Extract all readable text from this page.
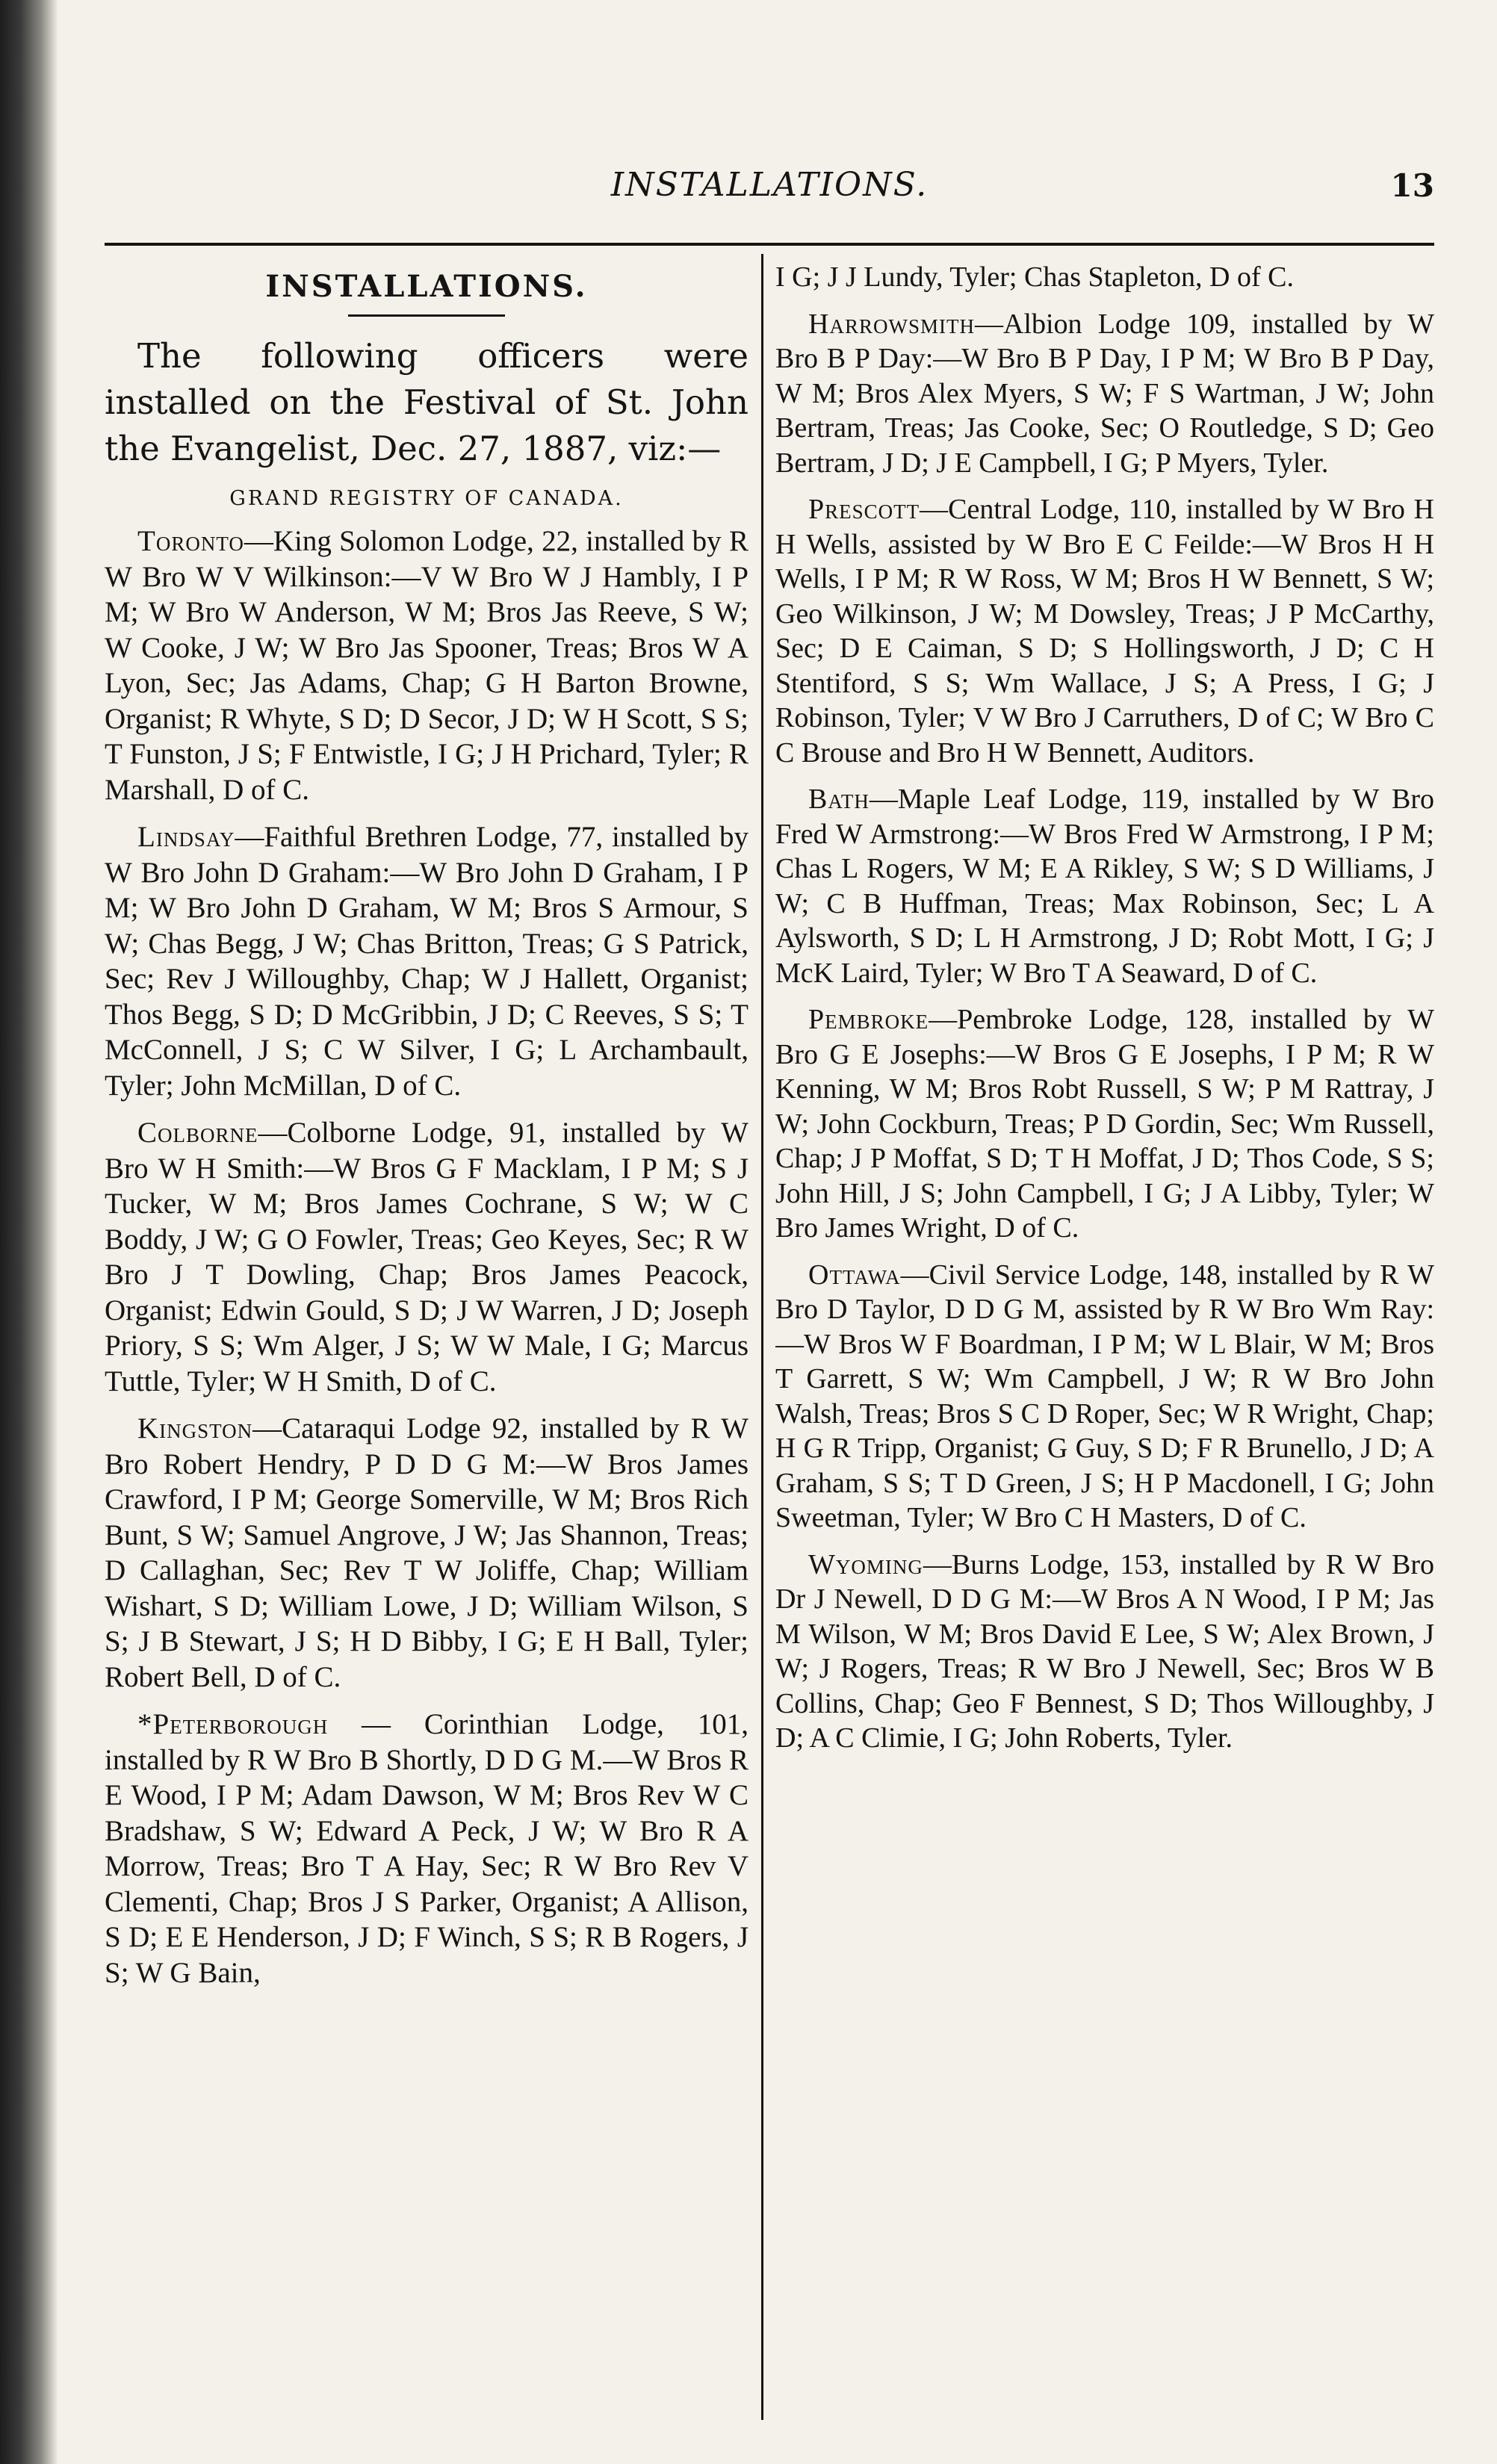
INSTALLATIONS.	13
INSTALLATIONS.

The following officers were installed on the Festival of St. John the Evangelist, Dec. 27, 1887, viz:—

GRAND REGISTRY OF CANADA.

Toronto—King Solomon Lodge, 22, installed by R W Bro W V Wilkinson:—V W Bro W J Hambly, I P M; W Bro W Anderson, W M; Bros Jas Reeve, S W; W Cooke, J W; W Bro Jas Spooner, Treas; Bros W A Lyon, Sec; Jas Adams, Chap; G H Barton Browne, Organist; R Whyte, S D; D Secor, J D; W H Scott, S S; T Funston, J S; F Entwistle, I G; J H Prichard, Tyler; R Marshall, D of C.

Lindsay—Faithful Brethren Lodge, 77, installed by W Bro John D Graham:—W Bro John D Graham, I P M; W Bro John D Graham, W M; Bros S Armour, S W; Chas Begg, J W; Chas Britton, Treas; G S Patrick, Sec; Rev J Willoughby, Chap; W J Hallett, Organist; Thos Begg, S D; D McGribbin, J D; C Reeves, S S; T McConnell, J S; C W Silver, I G; L Archambault, Tyler; John McMillan, D of C.

Colborne—Colborne Lodge, 91, installed by W Bro W H Smith:—W Bros G F Macklam, I P M; S J Tucker, W M; Bros James Cochrane, S W; W C Boddy, J W; G O Fowler, Treas; Geo Keyes, Sec; R W Bro J T Dowling, Chap; Bros James Peacock, Organist; Edwin Gould, S D; J W Warren, J D; Joseph Priory, S S; Wm Alger, J S; W W Male, I G; Marcus Tuttle, Tyler; W H Smith, D of C.

Kingston—Cataraqui Lodge 92, installed by R W Bro Robert Hendry, P D D G M:—W Bros James Crawford, I P M; George Somerville, W M; Bros Rich Bunt, S W; Samuel Angrove, J W; Jas Shannon, Treas; D Callaghan, Sec; Rev T W Joliffe, Chap; William Wishart, S D; William Lowe, J D; William Wilson, S S; J B Stewart, J S; H D Bibby, I G; E H Ball, Tyler; Robert Bell, D of C.

*Peterborough — Corinthian Lodge, 101, installed by R W Bro B Shortly, D D G M.—W Bros R E Wood, I P M; Adam Dawson, W M; Bros Rev W C Bradshaw, S W; Edward A Peck, J W; W Bro R A Morrow, Treas; Bro T A Hay, Sec; R W Bro Rev V Clementi, Chap; Bros J S Parker, Organist; A Allison, S D; E E Henderson, J D; F Winch, S S; R B Rogers, J S; W G Bain,

I G; J J Lundy, Tyler; Chas Stapleton, D of C.

Harrowsmith—Albion Lodge 109, installed by W Bro B P Day:—W Bro B P Day, I P M; W Bro B P Day, W M; Bros Alex Myers, S W; F S Wartman, J W; John Bertram, Treas; Jas Cooke, Sec; O Routledge, S D; Geo Bertram, J D; J E Campbell, I G; P Myers, Tyler.

Prescott—Central Lodge, 110, installed by W Bro H H Wells, assisted by W Bro E C Feilde:—W Bros H H Wells, I P M; R W Ross, W M; Bros H W Bennett, S W; Geo Wilkinson, J W; M Dowsley, Treas; J P McCarthy, Sec; D E Caiman, S D; S Hollingsworth, J D; C H Stentiford, S S; Wm Wallace, J S; A Press, I G; J Robinson, Tyler; V W Bro J Carruthers, D of C; W Bro C C Brouse and Bro H W Bennett, Auditors.

Bath—Maple Leaf Lodge, 119, installed by W Bro Fred W Armstrong:—W Bros Fred W Armstrong, I P M; Chas L Rogers, W M; E A Rikley, S W; S D Williams, J W; C B Huffman, Treas; Max Robinson, Sec; L A Aylsworth, S D; L H Armstrong, J D; Robt Mott, I G; J McK Laird, Tyler; W Bro T A Seaward, D of C.

Pembroke—Pembroke Lodge, 128, installed by W Bro G E Josephs:—W Bros G E Josephs, I P M; R W Kenning, W M; Bros Robt Russell, S W; P M Rattray, J W; John Cockburn, Treas; P D Gordin, Sec; Wm Russell, Chap; J P Moffat, S D; T H Moffat, J D; Thos Code, S S; John Hill, J S; John Campbell, I G; J A Libby, Tyler; W Bro James Wright, D of C.

Ottawa—Civil Service Lodge, 148, installed by R W Bro D Taylor, D D G M, assisted by R W Bro Wm Ray:—W Bros W F Boardman, I P M; W L Blair, W M; Bros T Garrett, S W; Wm Campbell, J W; R W Bro John Walsh, Treas; Bros S C D Roper, Sec; W R Wright, Chap; H G R Tripp, Organist; G Guy, S D; F R Brunello, J D; A Graham, S S; T D Green, J S; H P Macdonell, I G; John Sweetman, Tyler; W Bro C H Masters, D of C.

Wyoming—Burns Lodge, 153, installed by R W Bro Dr J Newell, D D G M:—W Bros A N Wood, I P M; Jas M Wilson, W M; Bros David E Lee, S W; Alex Brown, J W; J Rogers, Treas; R W Bro J Newell, Sec; Bros W B Collins, Chap; Geo F Bennest, S D; Thos Willoughby, J D; A C Climie, I G; John Roberts, Tyler.
